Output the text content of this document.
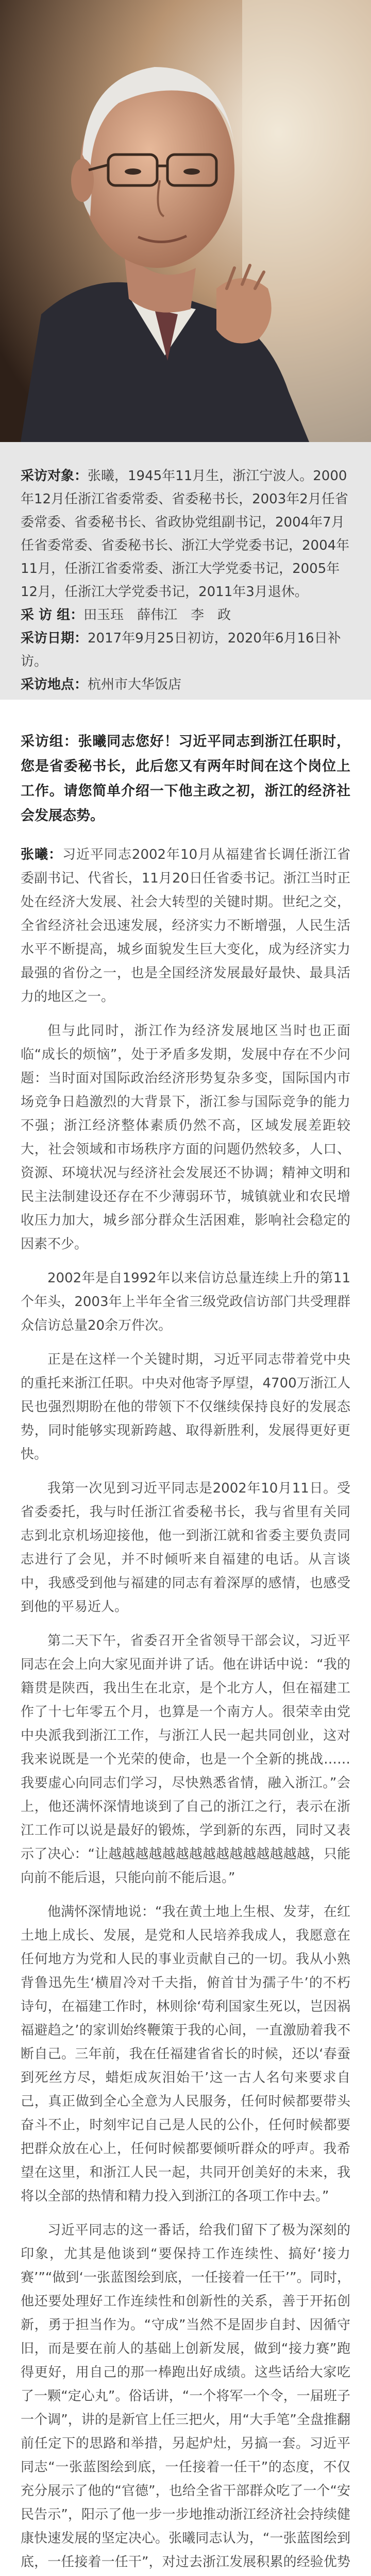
采访对象：张曦，1945年11月生，浙江宁波人。2000年12月任浙江省委常委、省委秘书长，2003年2月任省委常委、省委秘书长、省政协党组副书记，2004年7月任省委常委、省委秘书长、浙江大学党委书记，2004年11月，任浙江省委常委、浙江大学党委书记，2005年12月，任浙江大学党委书记，2011年3月退休。

采 访 组：田玉珏　薛伟江　李　政

采访日期：2017年9月25日初访，2020年6月16日补访。

采访地点：杭州市大华饭店

采访组：张曦同志您好！习近平同志到浙江任职时，您是省委秘书长，此后您又有两年时间在这个岗位上工作。请您简单介绍一下他主政之初，浙江的经济社会发展态势。

张曦：习近平同志2002年10月从福建省长调任浙江省委副书记、代省长，11月20日任省委书记。浙江当时正处在经济大发展、社会大转型的关键时期。世纪之交，全省经济社会迅速发展，经济实力不断增强，人民生活水平不断提高，城乡面貌发生巨大变化，成为经济实力最强的省份之一，也是全国经济发展最好最快、最具活力的地区之一。

但与此同时，浙江作为经济发展地区当时也正面临“成长的烦恼”，处于矛盾多发期，发展中存在不少问题：当时面对国际政治经济形势复杂多变，国际国内市场竞争日趋激烈的大背景下，浙江参与国际竞争的能力不强；浙江经济整体素质仍然不高，区域发展差距较大，社会领域和市场秩序方面的问题仍然较多，人口、资源、环境状况与经济社会发展还不协调；精神文明和民主法制建设还存在不少薄弱环节，城镇就业和农民增收压力加大，城乡部分群众生活困难，影响社会稳定的因素不少。

2002年是自1992年以来信访总量连续上升的第11个年头，2003年上半年全省三级党政信访部门共受理群众信访总量20余万件次。

正是在这样一个关键时期，习近平同志带着党中央的重托来浙江任职。中央对他寄予厚望，4700万浙江人民也强烈期盼在他的带领下不仅继续保持良好的发展态势，同时能够实现新跨越、取得新胜利，发展得更好更快。

我第一次见到习近平同志是2002年10月11日。受省委委托，我与时任浙江省委秘书长，我与省里有关同志到北京机场迎接他，他一到浙江就和省委主要负责同志进行了会见，并不时倾听来自福建的电话。从言谈中，我感受到他与福建的同志有着深厚的感情，也感受到他的平易近人。

第二天下午，省委召开全省领导干部会议，习近平同志在会上向大家见面并讲了话。他在讲话中说：“我的籍贯是陕西，我出生在北京，是个北方人，但在福建工作了十七年零五个月，也算是一个南方人。很荣幸由党中央派我到浙江工作，与浙江人民一起共同创业，这对我来说既是一个光荣的使命，也是一个全新的挑战……我要虚心向同志们学习，尽快熟悉省情，融入浙江。”会上，他还满怀深情地谈到了自己的浙江之行，表示在浙江工作可以说是最好的锻炼，学到新的东西，同时又表示了决心：“让越越越越越越越越越越越越越越越，只能向前不能后退，只能向前不能后退。”

他满怀深情地说：“我在黄土地上生根、发芽，在红土地上成长、发展，是党和人民培养我成人，我愿意在任何地方为党和人民的事业贡献自己的一切。我从小熟背鲁迅先生‘横眉冷对千夫指，俯首甘为孺子牛’的不朽诗句，在福建工作时，林则徐‘苟利国家生死以，岂因祸福避趋之’的家训始终鞭策于我的心间，一直激励着我不断自己。三年前，我在任福建省省长的时候，还以‘春蚕到死丝方尽，蜡炬成灰泪始干’这一古人名句来要求自己，真正做到全心全意为人民服务，任何时候都要带头奋斗不止，时刻牢记自己是人民的公仆，任何时候都要把群众放在心上，任何时候都要倾听群众的呼声。我希望在这里，和浙江人民一起，共同开创美好的未来，我将以全部的热情和精力投入到浙江的各项工作中去。”

习近平同志的这一番话，给我们留下了极为深刻的印象，尤其是他谈到“要保持工作连续性、搞好‘接力赛’”“做到‘一张蓝图绘到底，一任接着一任干’”。同时，他还要处理好工作连续性和创新性的关系，善于开拓创新，勇于担当作为。“守成”当然不是固步自封、因循守旧，而是要在前人的基础上创新发展，做到“接力赛”跑得更好，用自己的那一棒跑出好成绩。这些话给大家吃了一颗“定心丸”。俗话讲，“一个将军一个令，一届班子一个调”，讲的是新官上任三把火，用“大手笔”全盘推翻前任定下的思路和举措，另起炉灶，另搞一套。习近平同志“一张蓝图绘到底，一任接着一任干”的态度，不仅充分展示了他的“官德”，也给全省干部群众吃了一个“安民告示”，阳示了他一步一步地推动浙江经济社会持续健康快速发展的坚定决心。张曦同志认为，“一张蓝图绘到底，一任接着一任干”，对过去浙江发展积累的经验优势
